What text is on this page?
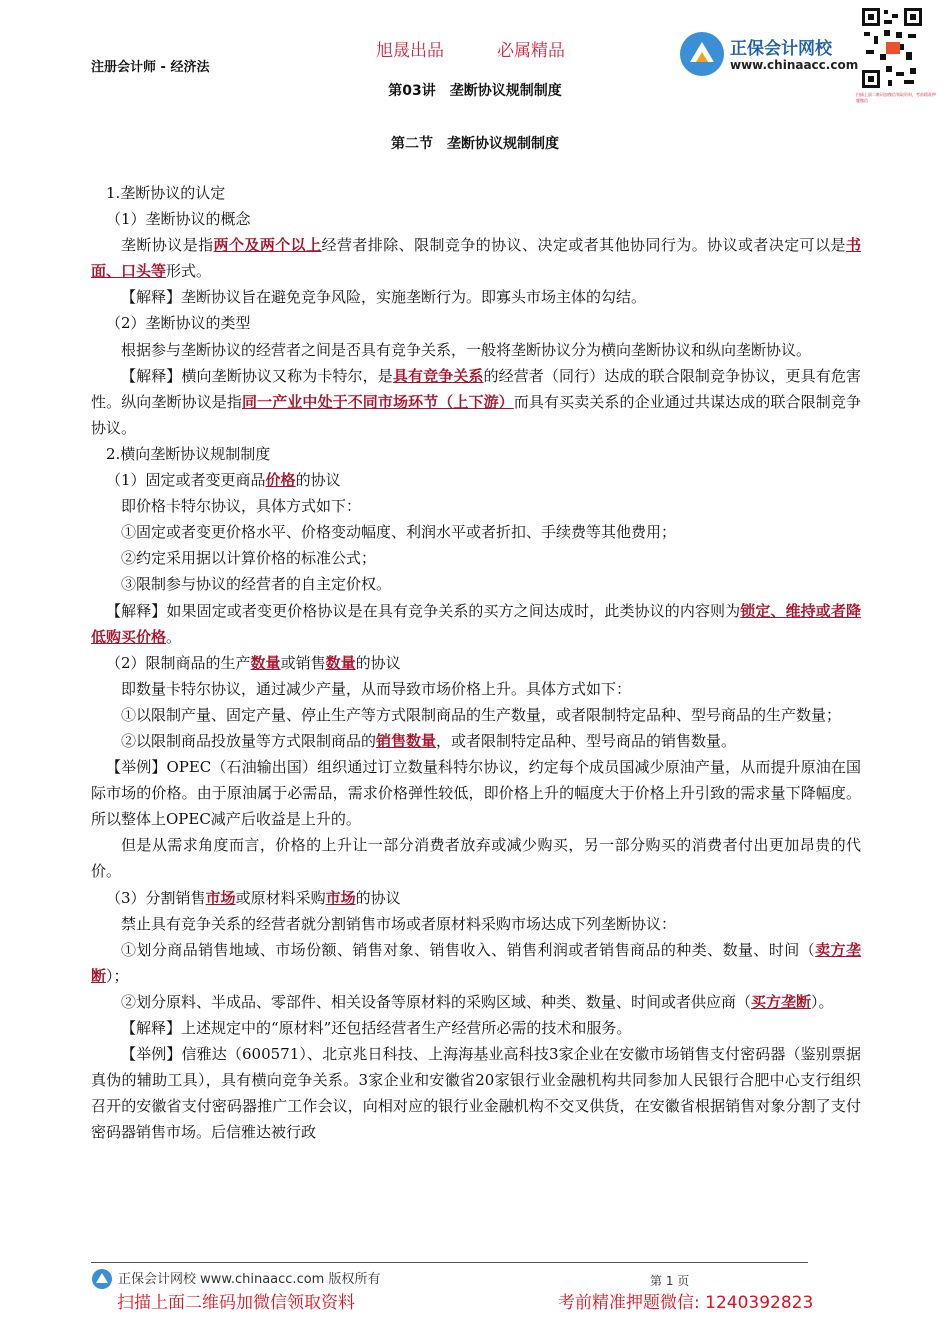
注册会计师 - 经济法
旭晟出品	必属精品	正保会计网校
www.chinaacc.com
扫描上面二维码加微信领取资料，考前精准押题微信
第03讲　垄断协议规制制度
第二节　垄断协议规制制度

1.垄断协议的认定

（1）垄断协议的概念

垄断协议是指两个及两个以上经营者排除、限制竞争的协议、决定或者其他协同行为。协议或者决定可以是书面、口头等形式。

【解释】垄断协议旨在避免竞争风险，实施垄断行为。即寡头市场主体的勾结。

（2）垄断协议的类型

根据参与垄断协议的经营者之间是否具有竞争关系，一般将垄断协议分为横向垄断协议和纵向垄断协议。

【解释】横向垄断协议又称为卡特尔，是具有竞争关系的经营者（同行）达成的联合限制竞争协议，更具有危害性。纵向垄断协议是指同一产业中处于不同市场环节（上下游）而具有买卖关系的企业通过共谋达成的联合限制竞争协议。

2.横向垄断协议规制制度

（1）固定或者变更商品价格的协议

即价格卡特尔协议，具体方式如下：

①固定或者变更价格水平、价格变动幅度、利润水平或者折扣、手续费等其他费用；

②约定采用据以计算价格的标准公式；

③限制参与协议的经营者的自主定价权。

【解释】如果固定或者变更价格协议是在具有竞争关系的买方之间达成时，此类协议的内容则为锁定、维持或者降低购买价格。

（2）限制商品的生产数量或销售数量的协议

即数量卡特尔协议，通过减少产量，从而导致市场价格上升。具体方式如下：

①以限制产量、固定产量、停止生产等方式限制商品的生产数量，或者限制特定品种、型号商品的生产数量；

②以限制商品投放量等方式限制商品的销售数量，或者限制特定品种、型号商品的销售数量。

【举例】OPEC（石油输出国）组织通过订立数量科特尔协议，约定每个成员国减少原油产量，从而提升原油在国际市场的价格。由于原油属于必需品，需求价格弹性较低，即价格上升的幅度大于价格上升引致的需求量下降幅度。所以整体上OPEC减产后收益是上升的。

但是从需求角度而言，价格的上升让一部分消费者放弃或减少购买，另一部分购买的消费者付出更加昂贵的代价。

（3）分割销售市场或原材料采购市场的协议

禁止具有竞争关系的经营者就分割销售市场或者原材料采购市场达成下列垄断协议：

①划分商品销售地域、市场份额、销售对象、销售收入、销售利润或者销售商品的种类、数量、时间（卖方垄断）；

②划分原料、半成品、零部件、相关设备等原材料的采购区域、种类、数量、时间或者供应商（买方垄断）。

【解释】上述规定中的“原材料”还包括经营者生产经营所必需的技术和服务。

【举例】信雅达（600571）、北京兆日科技、上海海基业高科技3家企业在安徽市场销售支付密码器（鉴别票据真伪的辅助工具），具有横向竞争关系。3家企业和安徽省20家银行业金融机构共同参加人民银行合肥中心支行组织召开的安徽省支付密码器推广工作会议，向相对应的银行业金融机构不交叉供货，在安徽省根据销售对象分割了支付密码器销售市场。后信雅达被行政

正保会计网校 www.chinaacc.com 版权所有	第 1 页
扫描上面二维码加微信领取资料	考前精准押题微信: 1240392823
